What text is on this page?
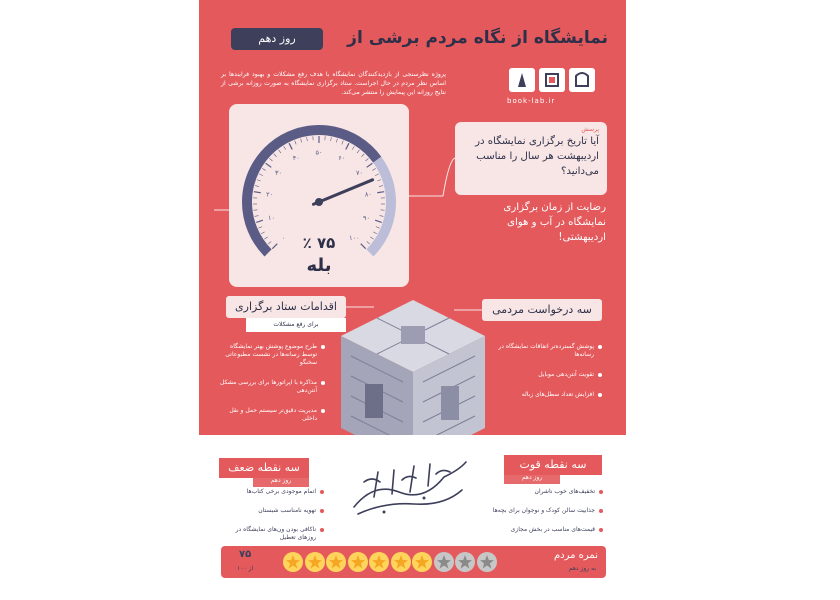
نمایشگاه از نگاه مردم برشی از
روز دهم
پروژه نظرسنجی از بازدیدکنندگان نمایشگاه با هدف رفع مشکلات و بهبود فرایندها بر اساس نظر مردم در حال اجراست. ستاد برگزاری نمایشگاه به صورت روزانه برشی از نتایج روزانه این پیمایش را منتشر می‌کند.
book-lab.ir
۰
۱۰
۲۰
۳۰
۴۰
۵۰
۶۰
۷۰
۸۰
۹۰
۱۰۰
٪ ۷۵
بله
پرسش
آیا تاریخ برگزاری نمایشگاه در اردیبهشت هر سال را مناسب می‌دانید؟
رضایت از زمان برگزاری نمایشگاه در آب و هوای اردیبهشتی!
اقدامات ستاد برگزاری
برای رفع مشکلات
طرح موضوع پوشش بهتر نمایشگاه توسط رسانه‌ها در نشست مطبوعاتی سخنگو
مذاکره با اپراتورها برای بررسی مشکل آنتن‌دهی
مدیریت دقیق‌تر سیستم حمل و نقل داخلی
سه درخواست مردمی
پوشش گسترده‌تر اتفاقات نمایشگاه در رسانه‌ها
تقویت آنتن‌دهی موبایل
افزایش تعداد سطل‌های زباله
سه نقطه ضعف
روز دهم
اتمام موجودی برخی کتاب‌ها
تهویه نامناسب شبستان
ناکافی بودن ون‌های نمایشگاه در روزهای تعطیل
سه نقطه قوت
روز دهم
تخفیف‌های خوب ناشران
جذابیت سالن کودک و نوجوان برای بچه‌ها
قیمت‌های مناسب در بخش مجازی
نمره مردم
به روز دهم
۷۵
از ۱۰۰
